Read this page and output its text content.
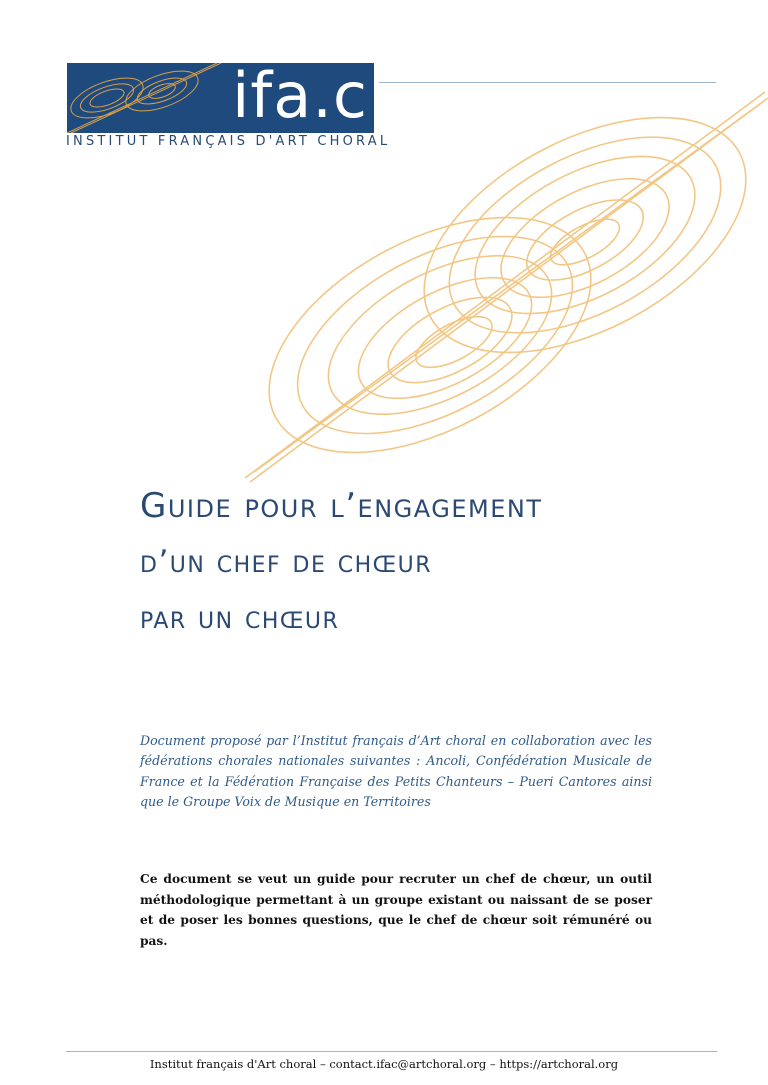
ifa.c
INSTITUT FRANÇAIS D'ART CHORAL
Guide pour l’engagement
d’un chef de chœur
par un chœur

Document proposé par l’Institut français d’Art choral en collaboration avec les fédérations chorales nationales suivantes : Ancoli, Confédération Musicale de France et la Fédération Française des Petits Chanteurs – Pueri Cantores ainsi que le Groupe Voix de Musique en Territoires

Ce document se veut un guide pour recruter un chef de chœur, un outil méthodologique permettant à un groupe existant ou naissant de se poser et de poser les bonnes questions, que le chef de chœur soit rémunéré ou pas.

Institut français d'Art choral – contact.ifac@artchoral.org – https://artchoral.org
